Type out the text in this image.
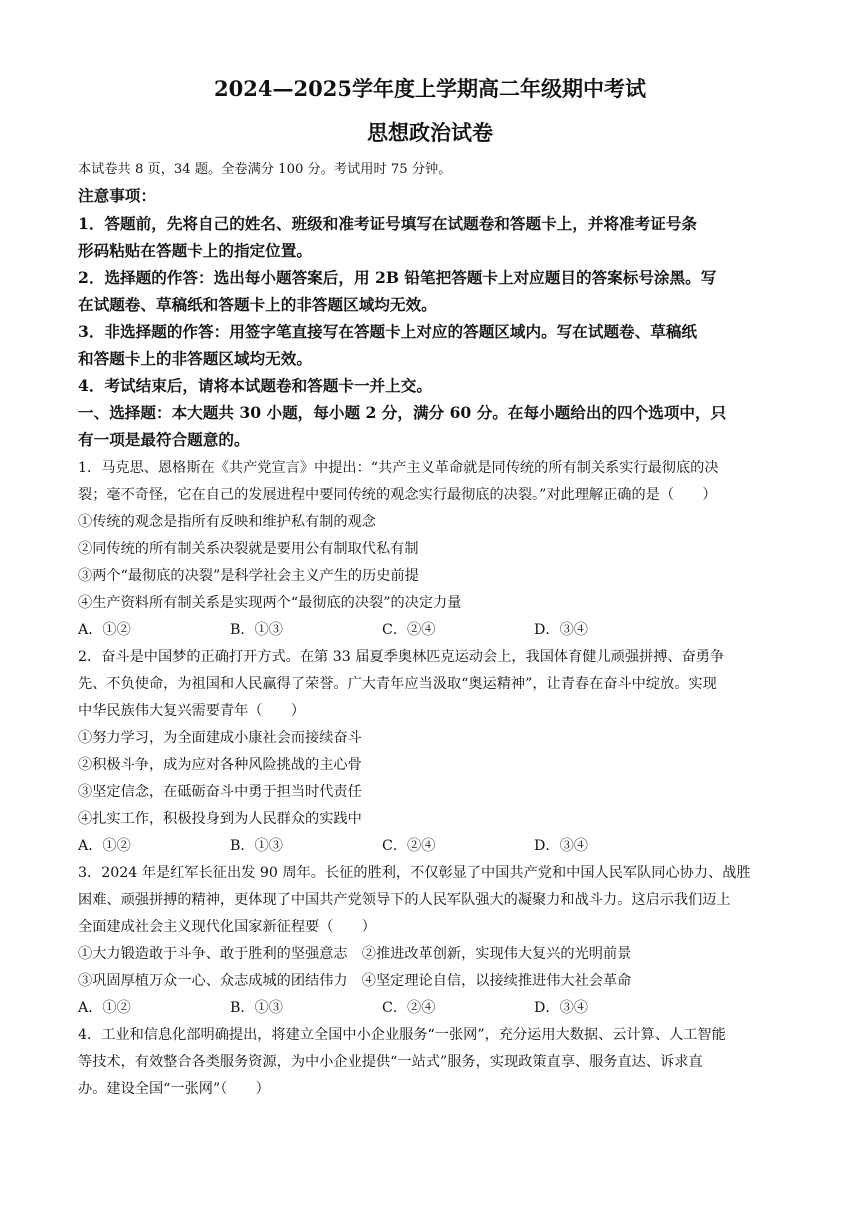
2024—2025学年度上学期高二年级期中考试
思想政治试卷
本试卷共 8 页，34 题。全卷满分 100 分。考试用时 75 分钟。
注意事项：
1．答题前，先将自己的姓名、班级和准考证号填写在试题卷和答题卡上，并将准考证号条
形码粘贴在答题卡上的指定位置。
2．选择题的作答：选出每小题答案后，用 2B 铅笔把答题卡上对应题目的答案标号涂黑。写
在试题卷、草稿纸和答题卡上的非答题区域均无效。
3．非选择题的作答：用签字笔直接写在答题卡上对应的答题区域内。写在试题卷、草稿纸
和答题卡上的非答题区域均无效。
4．考试结束后，请将本试题卷和答题卡一并上交。
一、选择题：本大题共 30 小题，每小题 2 分，满分 60 分。在每小题给出的四个选项中，只
有一项是最符合题意的。
1．马克思、恩格斯在《共产党宣言》中提出：“共产主义革命就是同传统的所有制关系实行最彻底的决
裂；毫不奇怪，它在自己的发展进程中要同传统的观念实行最彻底的决裂。”对此理解正确的是（　　）
①传统的观念是指所有反映和维护私有制的观念
②同传统的所有制关系决裂就是要用公有制取代私有制
③两个“最彻底的决裂”是科学社会主义产生的历史前提
④生产资料所有制关系是实现两个“最彻底的决裂”的决定力量
A．①②	B．①③	C．②④	D．③④
2．奋斗是中国梦的正确打开方式。在第 33 届夏季奥林匹克运动会上，我国体育健儿顽强拼搏、奋勇争
先、不负使命，为祖国和人民赢得了荣誉。广大青年应当汲取“奥运精神”，让青春在奋斗中绽放。实现
中华民族伟大复兴需要青年（　　）
①努力学习，为全面建成小康社会而接续奋斗
②积极斗争，成为应对各种风险挑战的主心骨
③坚定信念，在砥砺奋斗中勇于担当时代责任
④扎实工作，积极投身到为人民群众的实践中
A．①②	B．①③	C．②④	D．③④
3．2024 年是红军长征出发 90 周年。长征的胜利，不仅彰显了中国共产党和中国人民军队同心协力、战胜
困难、顽强拼搏的精神，更体现了中国共产党领导下的人民军队强大的凝聚力和战斗力。这启示我们迈上
全面建成社会主义现代化国家新征程要（　　）
①大力锻造敢于斗争、敢于胜利的坚强意志　②推进改革创新，实现伟大复兴的光明前景
③巩固厚植万众一心、众志成城的团结伟力　④坚定理论自信，以接续推进伟大社会革命
A．①②	B．①③	C．②④	D．③④
4．工业和信息化部明确提出，将建立全国中小企业服务“一张网”，充分运用大数据、云计算、人工智能
等技术，有效整合各类服务资源，为中小企业提供“一站式”服务，实现政策直享、服务直达、诉求直
办。建设全国“一张网”（　　）
